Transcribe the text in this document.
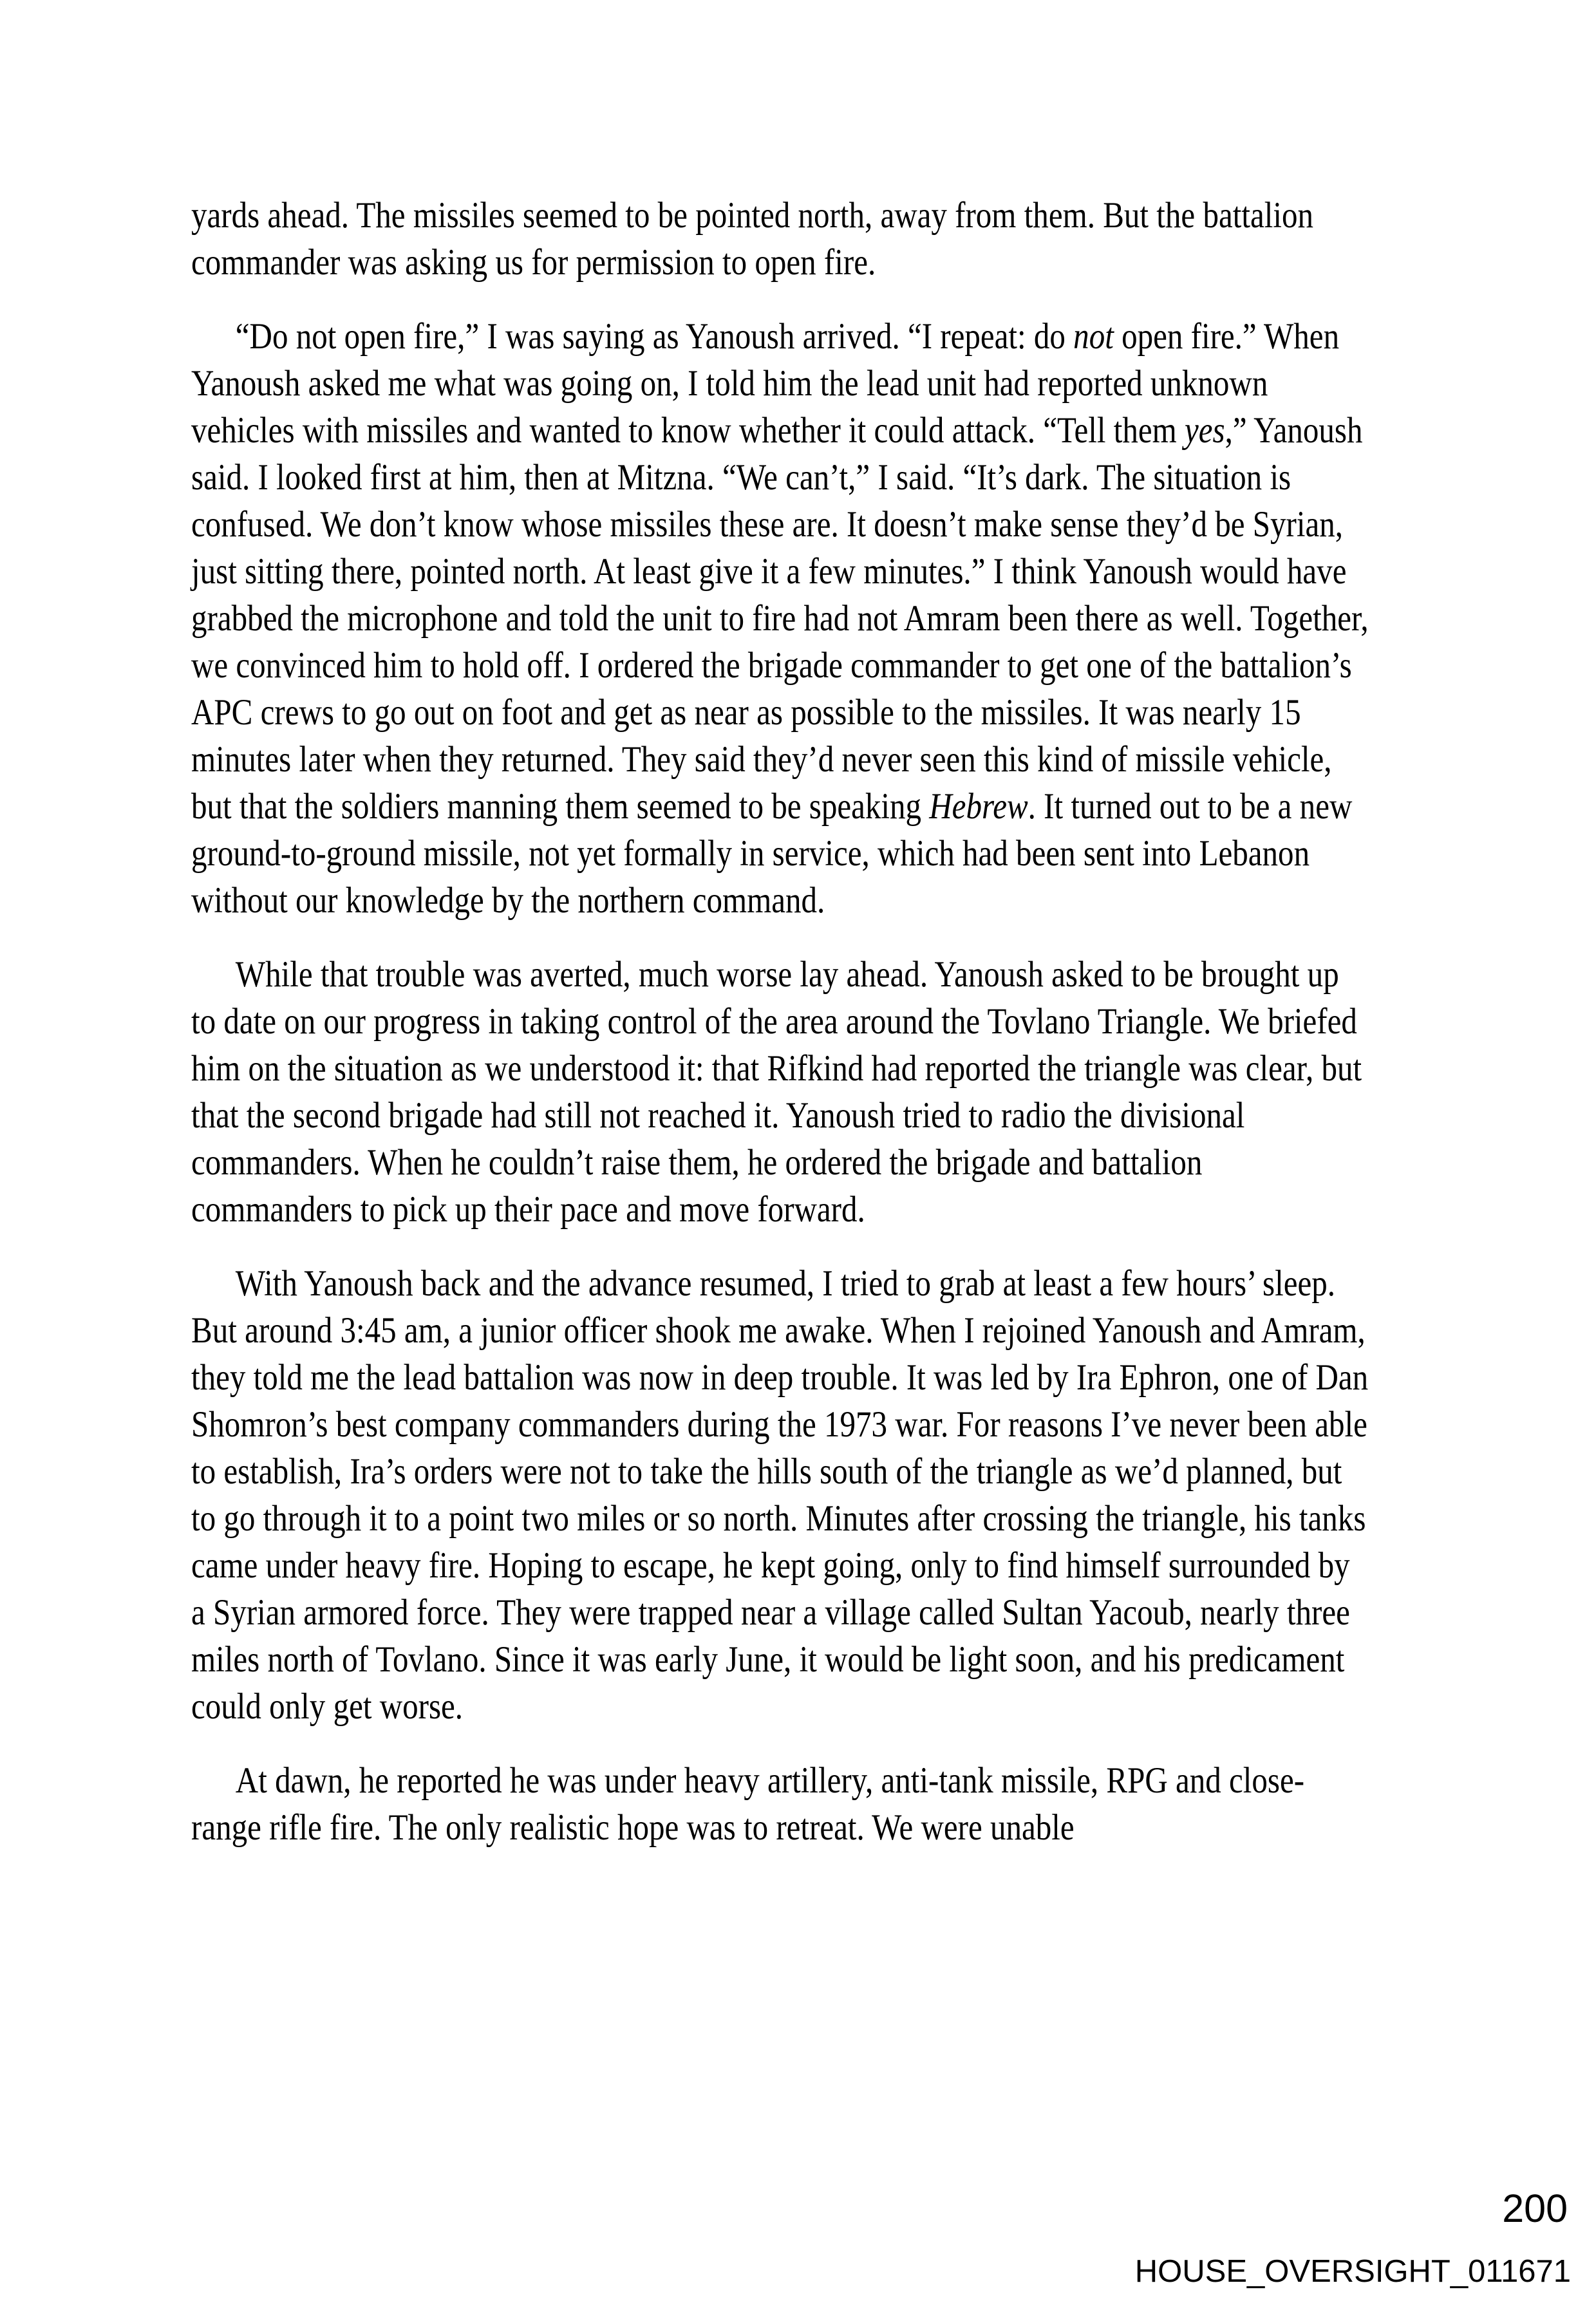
yards ahead. The missiles seemed to be pointed north, away from them. But the battalion commander was asking us for permission to open fire.

“Do not open fire,” I was saying as Yanoush arrived. “I repeat: do not open fire.” When Yanoush asked me what was going on, I told him the lead unit had reported unknown vehicles with missiles and wanted to know whether it could attack. “Tell them yes,” Yanoush said. I looked first at him, then at Mitzna. “We can’t,” I said. “It’s dark. The situation is confused. We don’t know whose missiles these are. It doesn’t make sense they’d be Syrian, just sitting there, pointed north. At least give it a few minutes.” I think Yanoush would have grabbed the microphone and told the unit to fire had not Amram been there as well. Together, we convinced him to hold off. I ordered the brigade commander to get one of the battalion’s APC crews to go out on foot and get as near as possible to the missiles. It was nearly 15 minutes later when they returned. They said they’d never seen this kind of missile vehicle, but that the soldiers manning them seemed to be speaking Hebrew. It turned out to be a new ground-to-ground missile, not yet formally in service, which had been sent into Lebanon without our knowledge by the northern command.

While that trouble was averted, much worse lay ahead. Yanoush asked to be brought up to date on our progress in taking control of the area around the Tovlano Triangle. We briefed him on the situation as we understood it: that Rifkind had reported the triangle was clear, but that the second brigade had still not reached it. Yanoush tried to radio the divisional commanders. When he couldn’t raise them, he ordered the brigade and battalion commanders to pick up their pace and move forward.

With Yanoush back and the advance resumed, I tried to grab at least a few hours’ sleep. But around 3:45 am, a junior officer shook me awake. When I rejoined Yanoush and Amram, they told me the lead battalion was now in deep trouble. It was led by Ira Ephron, one of Dan Shomron’s best company commanders during the 1973 war. For reasons I’ve never been able to establish, Ira’s orders were not to take the hills south of the triangle as we’d planned, but to go through it to a point two miles or so north. Minutes after crossing the triangle, his tanks came under heavy fire. Hoping to escape, he kept going, only to find himself surrounded by a Syrian armored force. They were trapped near a village called Sultan Yacoub, nearly three miles north of Tovlano. Since it was early June, it would be light soon, and his predicament could only get worse.

At dawn, he reported he was under heavy artillery, anti-tank missile, RPG and close-range rifle fire. The only realistic hope was to retreat. We were unable

200
HOUSE_OVERSIGHT_011671
